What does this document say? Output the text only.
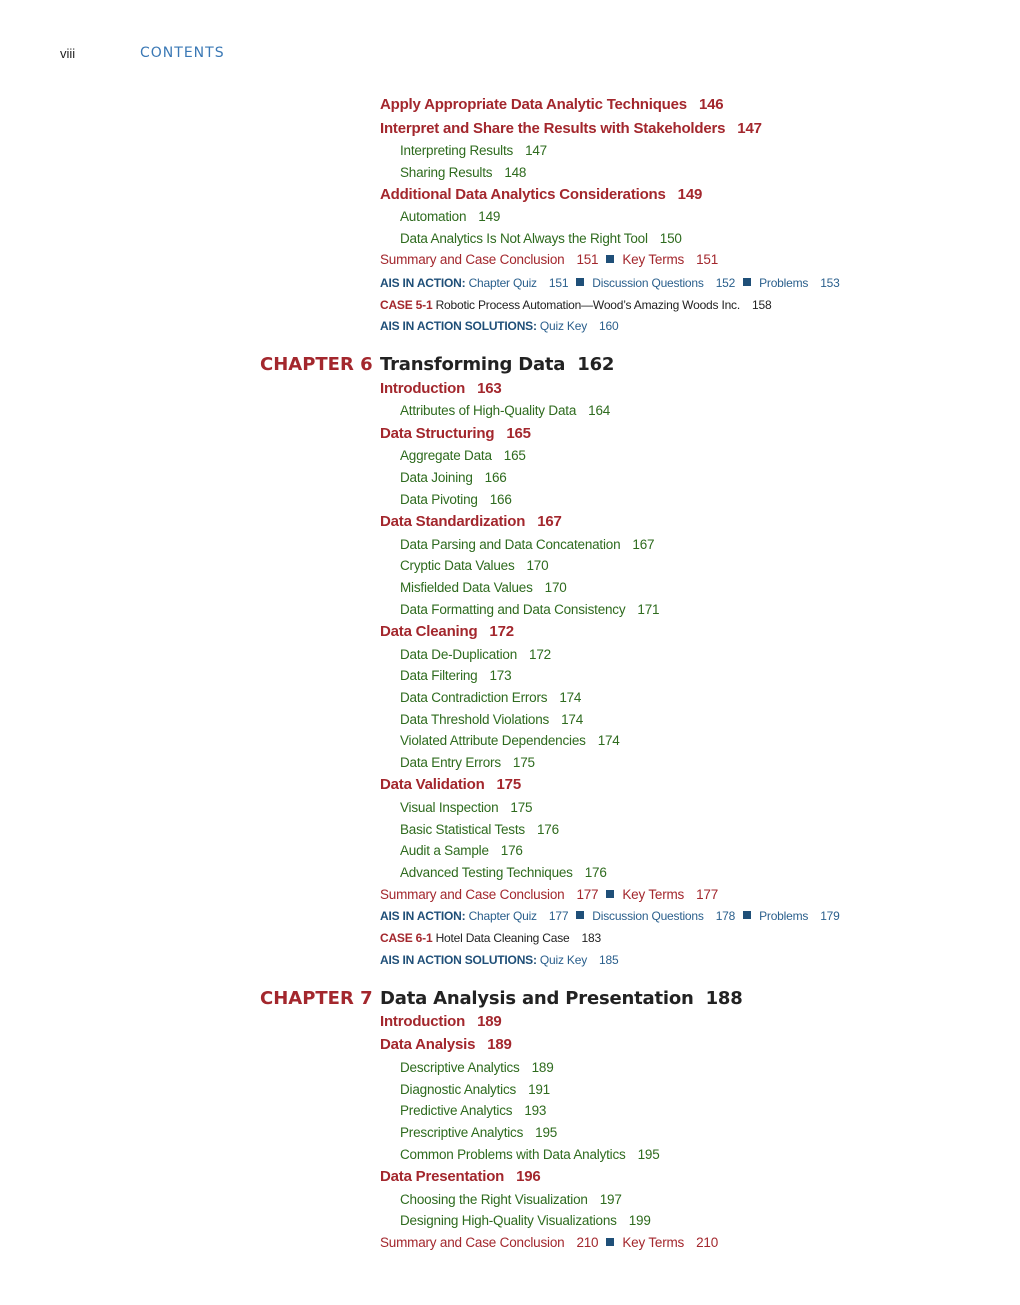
viii	CONTENTS
Apply Appropriate Data Analytic Techniques 146
Interpret and Share the Results with Stakeholders 147
Interpreting Results 147
Sharing Results 148
Additional Data Analytics Considerations 149
Automation 149
Data Analytics Is Not Always the Right Tool 150
Summary and Case Conclusion 151 Key Terms 151
AIS IN ACTION: Chapter Quiz 151 Discussion Questions 152 Problems 153
CASE 5-1 Robotic Process Automation—Wood’s Amazing Woods Inc. 158
AIS IN ACTION SOLUTIONS: Quiz Key 160
CHAPTER 6 Transforming Data 162
Introduction 163
Attributes of High-Quality Data 164
Data Structuring 165
Aggregate Data 165
Data Joining 166
Data Pivoting 166
Data Standardization 167
Data Parsing and Data Concatenation 167
Cryptic Data Values 170
Misfielded Data Values 170
Data Formatting and Data Consistency 171
Data Cleaning 172
Data De-Duplication 172
Data Filtering 173
Data Contradiction Errors 174
Data Threshold Violations 174
Violated Attribute Dependencies 174
Data Entry Errors 175
Data Validation 175
Visual Inspection 175
Basic Statistical Tests 176
Audit a Sample 176
Advanced Testing Techniques 176
Summary and Case Conclusion 177 Key Terms 177
AIS IN ACTION: Chapter Quiz 177 Discussion Questions 178 Problems 179
CASE 6-1 Hotel Data Cleaning Case 183
AIS IN ACTION SOLUTIONS: Quiz Key 185
CHAPTER 7 Data Analysis and Presentation 188
Introduction 189
Data Analysis 189
Descriptive Analytics 189
Diagnostic Analytics 191
Predictive Analytics 193
Prescriptive Analytics 195
Common Problems with Data Analytics 195
Data Presentation 196
Choosing the Right Visualization 197
Designing High-Quality Visualizations 199
Summary and Case Conclusion 210 Key Terms 210
